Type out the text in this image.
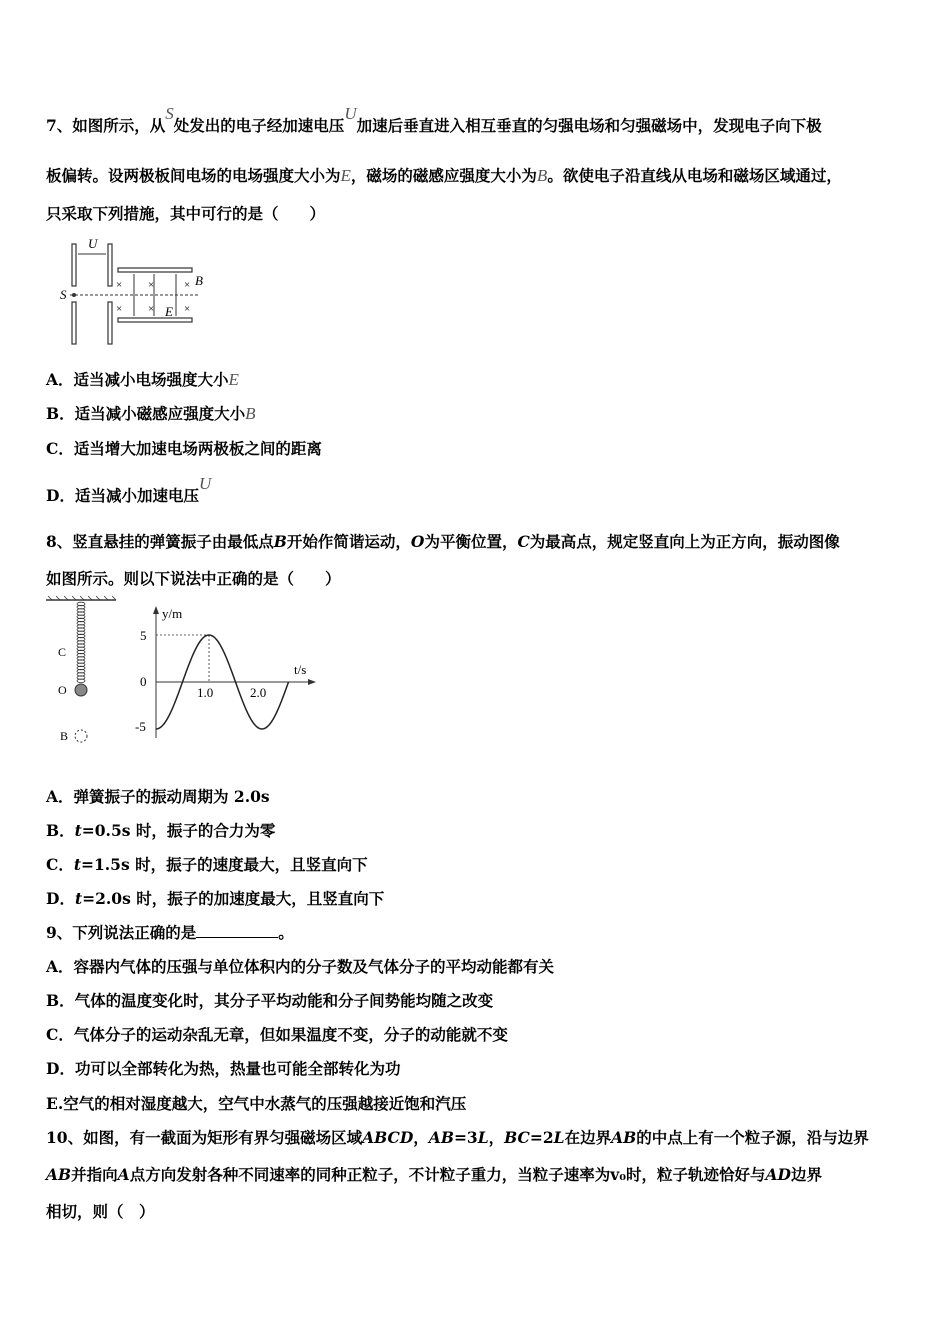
7、如图所示，从S处发出的电子经加速电压U加速后垂直进入相互垂直的匀强电场和匀强磁场中，发现电子向下极
板偏转。设两极板间电场的电场强度大小为E，磁场的磁感应强度大小为B。欲使电子沿直线从电场和磁场区域通过，
只采取下列措施，其中可行的是（　　）
U
S
× ×	×
× ×	×
B
E
A．适当减小电场强度大小E
B．适当减小磁感应强度大小B
C．适当增大加速电场两极板之间的距离
D．适当减小加速电压U
8、竖直悬挂的弹簧振子由最低点B开始作简谐运动，O为平衡位置，C为最高点，规定竖直向上为正方向，振动图像
如图所示。则以下说法中正确的是（　　）
C
O
B
y/m
t/s
5
0
-5
1.0	2.0
A．弹簧振子的振动周期为 2.0s
B．t=0.5s 时，振子的合力为零
C．t=1.5s 时，振子的速度最大，且竖直向下
D．t=2.0s 时，振子的加速度最大，且竖直向下
9、下列说法正确的是	。
A．容器内气体的压强与单位体积内的分子数及气体分子的平均动能都有关
B．气体的温度变化时，其分子平均动能和分子间势能均随之改变
C．气体分子的运动杂乱无章，但如果温度不变，分子的动能就不变
D．功可以全部转化为热，热量也可能全部转化为功
E.空气的相对湿度越大，空气中水蒸气的压强越接近饱和汽压
10、如图，有一截面为矩形有界匀强磁场区域ABCD，AB=3L，BC=2L在边界AB的中点上有一个粒子源，沿与边界
AB并指向A点方向发射各种不同速率的同种正粒子，不计粒子重力，当粒子速率为v₀时，粒子轨迹恰好与AD边界
相切，则（　）
